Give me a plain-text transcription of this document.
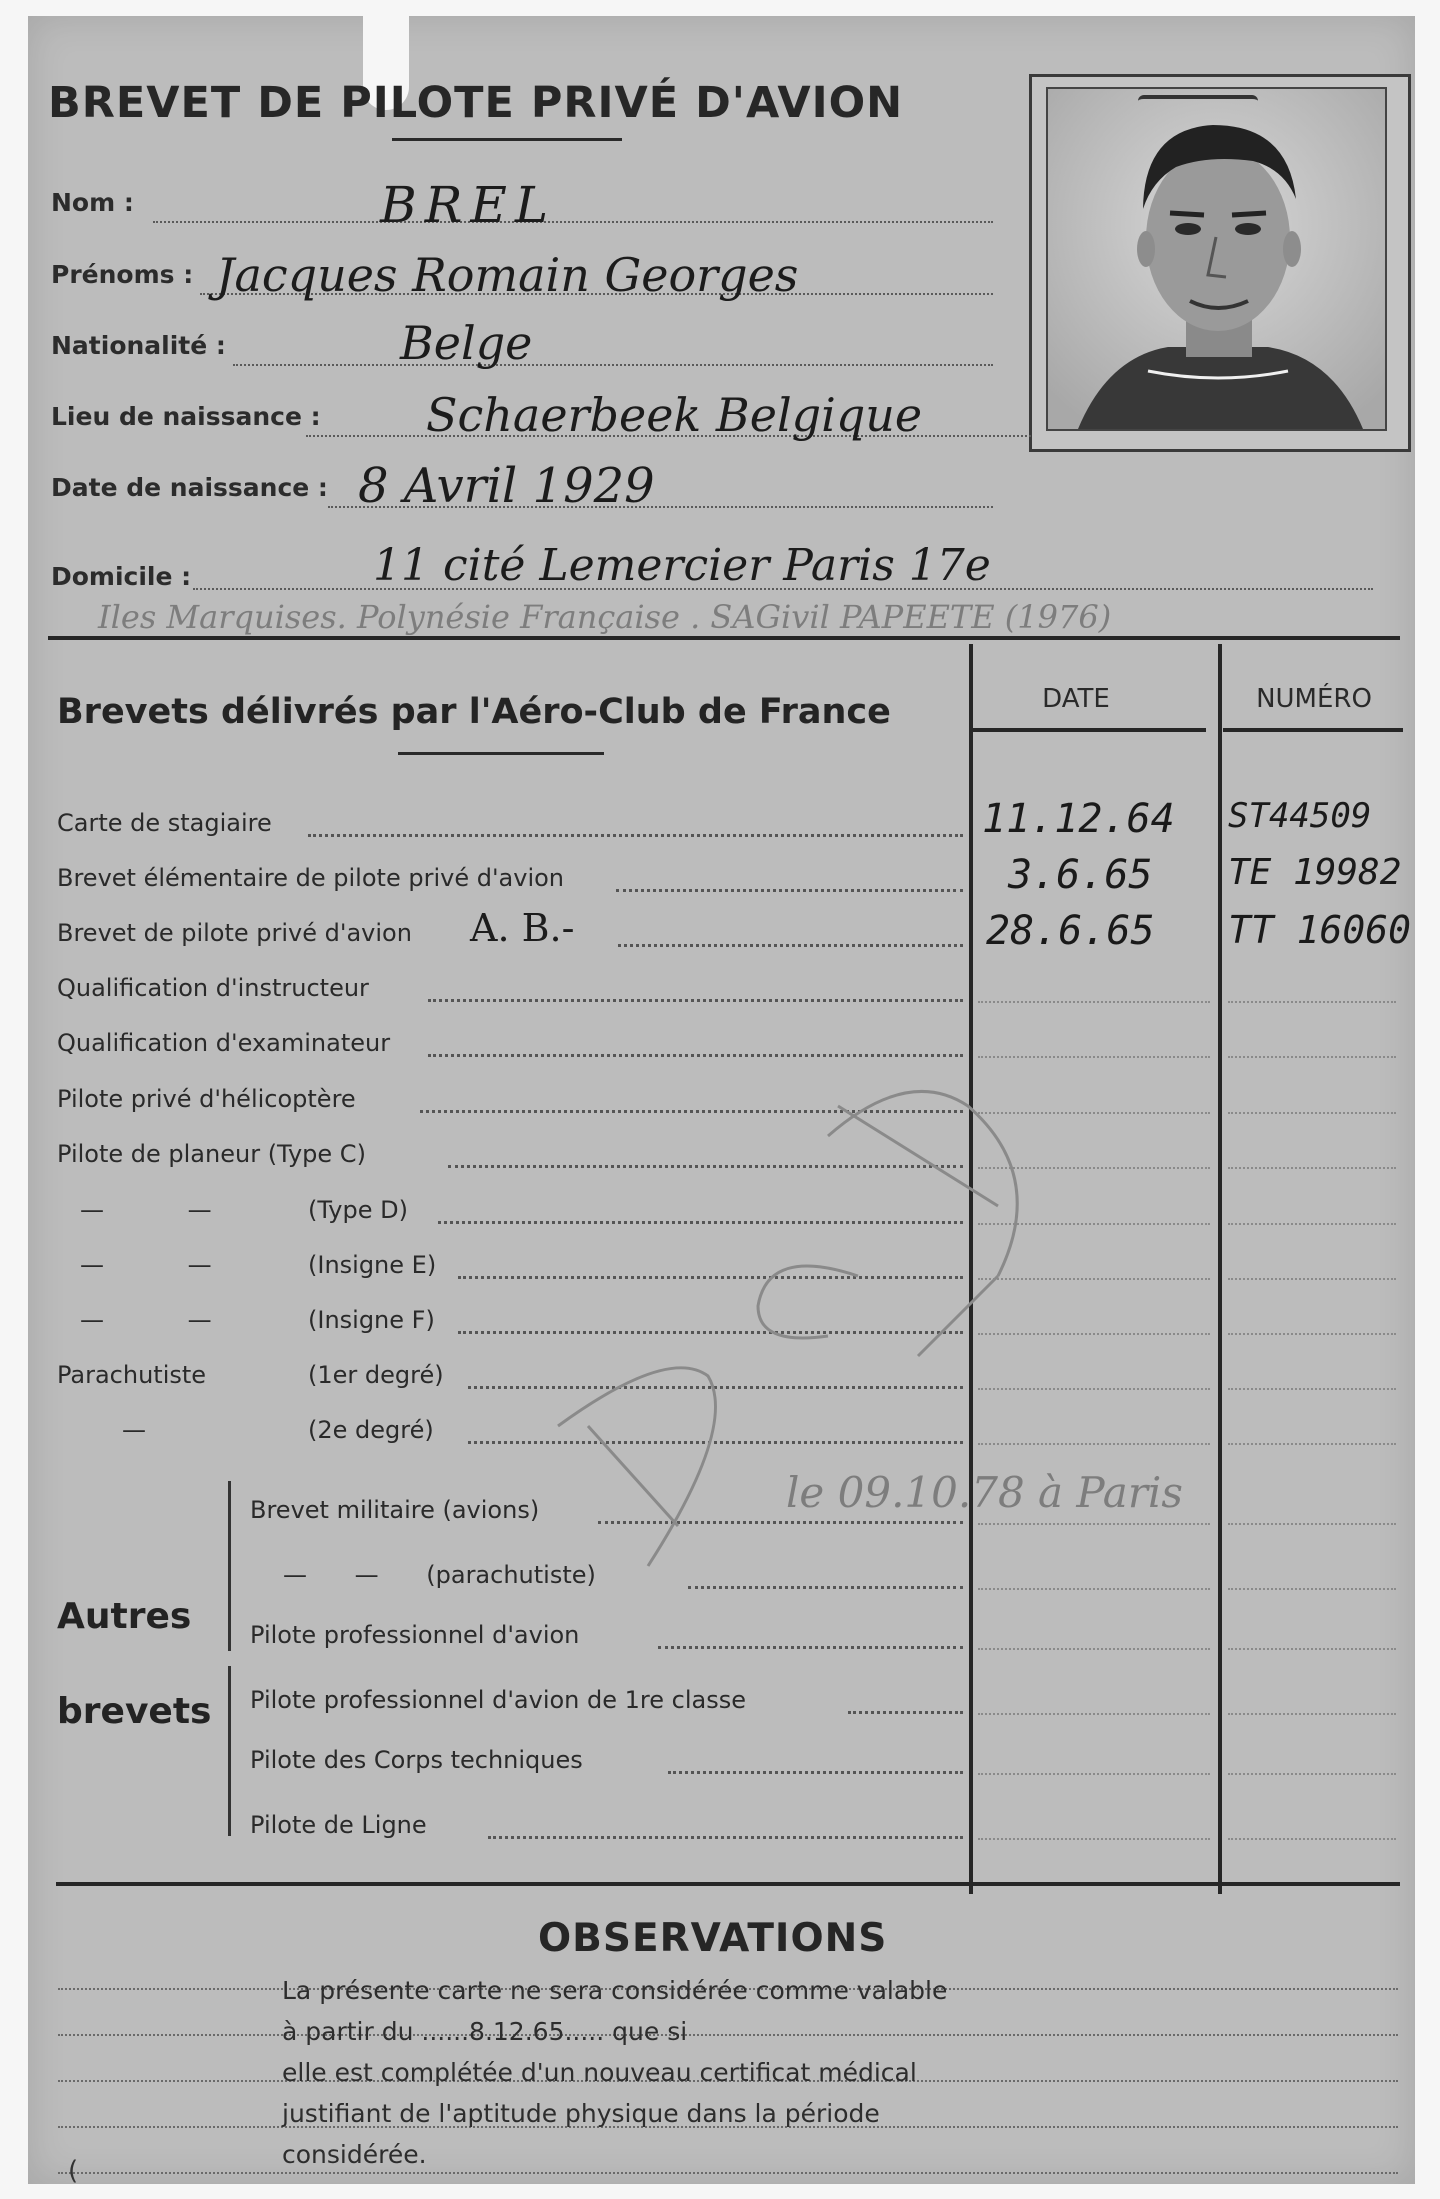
BREVET DE PILOTE PRIVÉ D'AVION
Nom :	BREL
Prénoms : Jacques Romain Georges
Nationalité :	Belge
Lieu de naissance : Schaerbeek Belgique
Date de naissance : 8 Avril 1929
Domicile :	11 cité Lemercier Paris 17e
Iles Marquises. Polynésie Française . SAGivil PAPEETE (1976)
Brevets délivrés par l'Aéro-Club de France	DATE	NUMÉRO
Carte de stagiaire	11.12.64 ST44509
Brevet élémentaire de pilote privé d'avion	3.6.65 TE 19982
Brevet de pilote privé d'avion A. B.-	28.6.65 TT 16060
Qualification d'instructeur
Qualification d'examinateur
Pilote privé d'hélicoptère
Pilote de planeur (Type C)
— — (Type D)
— — (Insigne E)
— — (Insigne F)
Parachutiste	(1er degré)
—	(2e degré)
Autres
brevets
Brevet militaire (avions)	le 09.10.78 à Paris
— — (parachutiste)
Pilote professionnel d'avion
Pilote professionnel d'avion de 1re classe
Pilote des Corps techniques
Pilote de Ligne
OBSERVATIONS
La présente carte ne sera considérée comme valable
à partir du ......8.12.65..... que si
elle est complétée d'un nouveau certificat médical
justifiant de l'aptitude physique dans la période
considérée.
(
